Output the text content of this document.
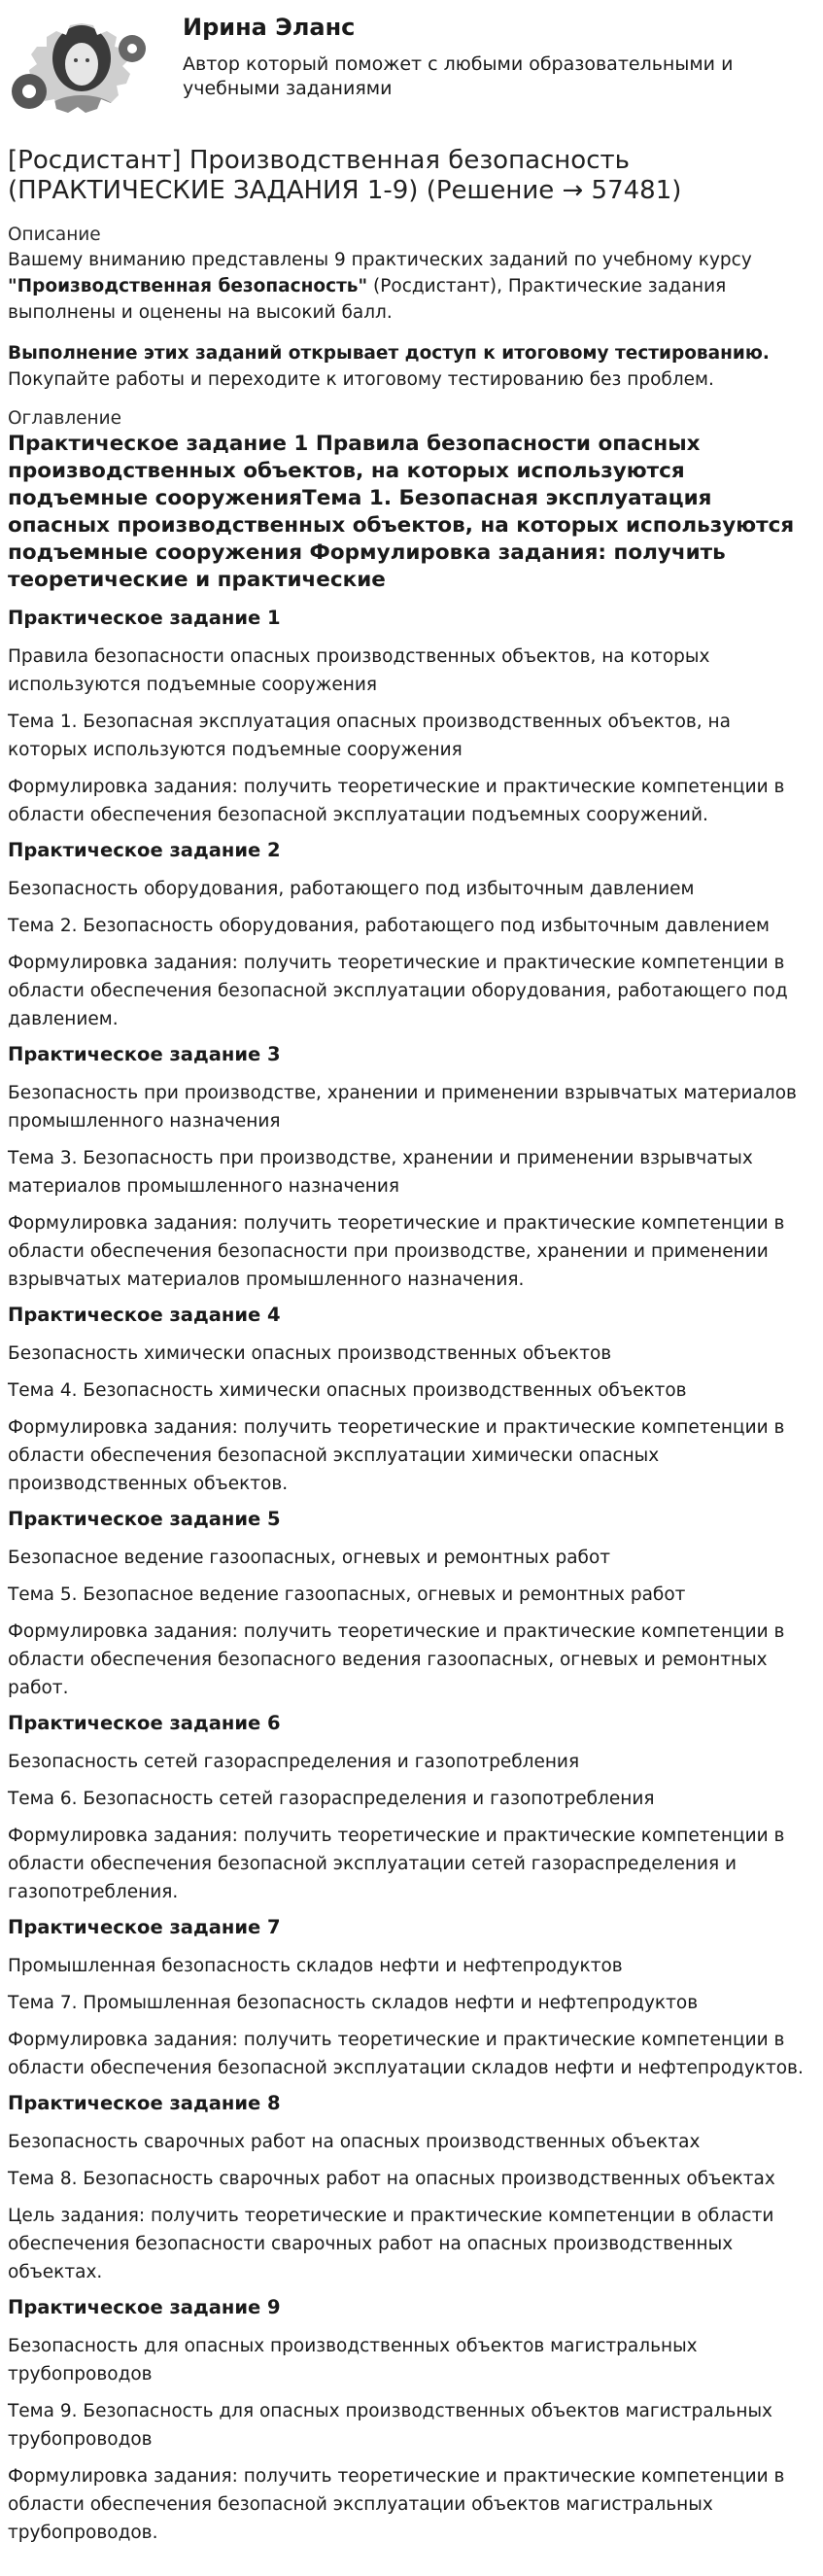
Ирина Эланс

Автор который поможет с любыми образовательными и учебными заданиями

[Росдистант] Производственная безопасность (ПРАКТИЧЕСКИЕ ЗАДАНИЯ 1-9) (Решение → 57481)

Описание

Вашему вниманию представлены 9 практических заданий по учебному курсу "Производственная безопасность" (Росдистант), Практические задания выполнены и оценены на высокий балл.

Выполнение этих заданий открывает доступ к итоговому тестированию.
Покупайте работы и переходите к итоговому тестированию без проблем.

Оглавление

Практическое задание 1 Правила безопасности опасных производственных объектов, на которых используются подъемные сооруженияТема 1. Безопасная эксплуатация опасных производственных объектов, на которых используются подъемные сооружения Формулировка задания: получить теоретические и практические

Практическое задание 1

Правила безопасности опасных производственных объектов, на которых используются подъемные сооружения

Тема 1. Безопасная эксплуатация опасных производственных объектов, на которых используются подъемные сооружения

Формулировка задания: получить теоретические и практические компетенции в области обеспечения безопасной эксплуатации подъемных сооружений.

Практическое задание 2

Безопасность оборудования, работающего под избыточным давлением

Тема 2. Безопасность оборудования, работающего под избыточным давлением

Формулировка задания: получить теоретические и практические компетенции в области обеспечения безопасной эксплуатации оборудования, работающего под давлением.

Практическое задание 3

Безопасность при производстве, хранении и применении взрывчатых материалов промышленного назначения

Тема 3. Безопасность при производстве, хранении и применении взрывчатых материалов промышленного назначения

Формулировка задания: получить теоретические и практические компетенции в области обеспечения безопасности при производстве, хранении и применении взрывчатых материалов промышленного назначения.

Практическое задание 4

Безопасность химически опасных производственных объектов

Тема 4. Безопасность химически опасных производственных объектов

Формулировка задания: получить теоретические и практические компетенции в области обеспечения безопасной эксплуатации химически опасных производственных объектов.

Практическое задание 5

Безопасное ведение газоопасных, огневых и ремонтных работ

Тема 5. Безопасное ведение газоопасных, огневых и ремонтных работ

Формулировка задания: получить теоретические и практические компетенции в области обеспечения безопасного ведения газоопасных, огневых и ремонтных работ.

Практическое задание 6

Безопасность сетей газораспределения и газопотребления

Тема 6. Безопасность сетей газораспределения и газопотребления

Формулировка задания: получить теоретические и практические компетенции в области обеспечения безопасной эксплуатации сетей газораспределения и газопотребления.

Практическое задание 7

Промышленная безопасность складов нефти и нефтепродуктов

Тема 7. Промышленная безопасность складов нефти и нефтепродуктов

Формулировка задания: получить теоретические и практические компетенции в области обеспечения безопасной эксплуатации складов нефти и нефтепродуктов.

Практическое задание 8

Безопасность сварочных работ на опасных производственных объектах

Тема 8. Безопасность сварочных работ на опасных производственных объектах

Цель задания: получить теоретические и практические компетенции в области обеспечения безопасности сварочных работ на опасных производственных объектах.

Практическое задание 9

Безопасность для опасных производственных объектов магистральных трубопроводов

Тема 9. Безопасность для опасных производственных объектов магистральных трубопроводов

Формулировка задания: получить теоретические и практические компетенции в области обеспечения безопасной эксплуатации объектов магистральных трубопроводов.
